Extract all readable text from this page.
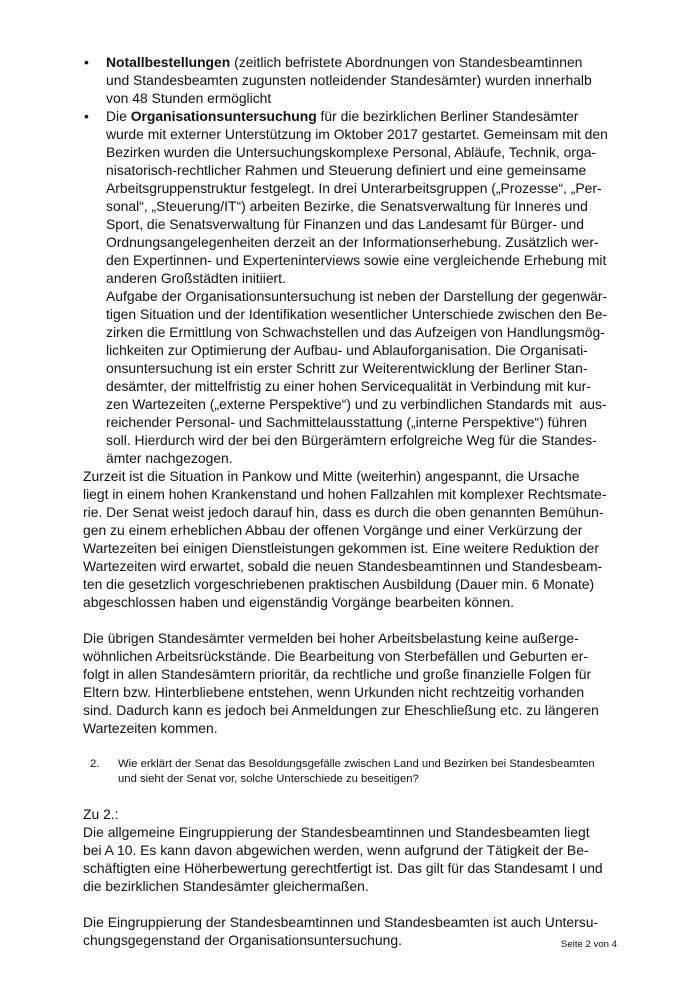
• Notallbestellungen (zeitlich befristete Abordnungen von Standesbeamtinnen
und Standesbeamten zugunsten notleidender Standesämter) wurden innerhalb
von 48 Stunden ermöglicht
• Die Organisationsuntersuchung für die bezirklichen Berliner Standesämter
wurde mit externer Unterstützung im Oktober 2017 gestartet. Gemeinsam mit den
Bezirken wurden die Untersuchungskomplexe Personal, Abläufe, Technik, orga-
nisatorisch-rechtlicher Rahmen und Steuerung definiert und eine gemeinsame
Arbeitsgruppenstruktur festgelegt. In drei Unterarbeitsgruppen („Prozesse“, „Per-
sonal“, „Steuerung/IT“) arbeiten Bezirke, die Senatsverwaltung für Inneres und
Sport, die Senatsverwaltung für Finanzen und das Landesamt für Bürger- und
Ordnungsangelegenheiten derzeit an der Informationserhebung. Zusätzlich wer-
den Expertinnen- und Experteninterviews sowie eine vergleichende Erhebung mit
anderen Großstädten initiiert.
Aufgabe der Organisationsuntersuchung ist neben der Darstellung der gegenwär-
tigen Situation und der Identifikation wesentlicher Unterschiede zwischen den Be-
zirken die Ermittlung von Schwachstellen und das Aufzeigen von Handlungsmög-
lichkeiten zur Optimierung der Aufbau- und Ablauforganisation. Die Organisati-
onsuntersuchung ist ein erster Schritt zur Weiterentwicklung der Berliner Stan-
desämter, der mittelfristig zu einer hohen Servicequalität in Verbindung mit kur-
zen Wartezeiten („externe Perspektive“) und zu verbindlichen Standards mit  aus-
reichender Personal- und Sachmittelausstattung („interne Perspektive“) führen
soll. Hierdurch wird der bei den Bürgerämtern erfolgreiche Weg für die Standes-
ämter nachgezogen.
Zurzeit ist die Situation in Pankow und Mitte (weiterhin) angespannt, die Ursache
liegt in einem hohen Krankenstand und hohen Fallzahlen mit komplexer Rechtsmate-
rie. Der Senat weist jedoch darauf hin, dass es durch die oben genannten Bemühun-
gen zu einem erheblichen Abbau der offenen Vorgänge und einer Verkürzung der
Wartezeiten bei einigen Dienstleistungen gekommen ist. Eine weitere Reduktion der
Wartezeiten wird erwartet, sobald die neuen Standesbeamtinnen und Standesbeam-
ten die gesetzlich vorgeschriebenen praktischen Ausbildung (Dauer min. 6 Monate)
abgeschlossen haben und eigenständig Vorgänge bearbeiten können.
Die übrigen Standesämter vermelden bei hoher Arbeitsbelastung keine außerge-
wöhnlichen Arbeitsrückstände. Die Bearbeitung von Sterbefällen und Geburten er-
folgt in allen Standesämtern prioritär, da rechtliche und große finanzielle Folgen für
Eltern bzw. Hinterbliebene entstehen, wenn Urkunden nicht rechtzeitig vorhanden
sind. Dadurch kann es jedoch bei Anmeldungen zur Eheschließung etc. zu längeren
Wartezeiten kommen.
2. Wie erklärt der Senat das Besoldungsgefälle zwischen Land und Bezirken bei Standesbeamten
und sieht der Senat vor, solche Unterschiede zu beseitigen?
Zu 2.:
Die allgemeine Eingruppierung der Standesbeamtinnen und Standesbeamten liegt
bei A 10. Es kann davon abgewichen werden, wenn aufgrund der Tätigkeit der Be-
schäftigten eine Höherbewertung gerechtfertigt ist. Das gilt für das Standesamt I und
die bezirklichen Standesämter gleichermaßen.
Die Eingruppierung der Standesbeamtinnen und Standesbeamten ist auch Untersu-
Seite 2 von 4
chungsgegenstand der Organisationsuntersuchung.
